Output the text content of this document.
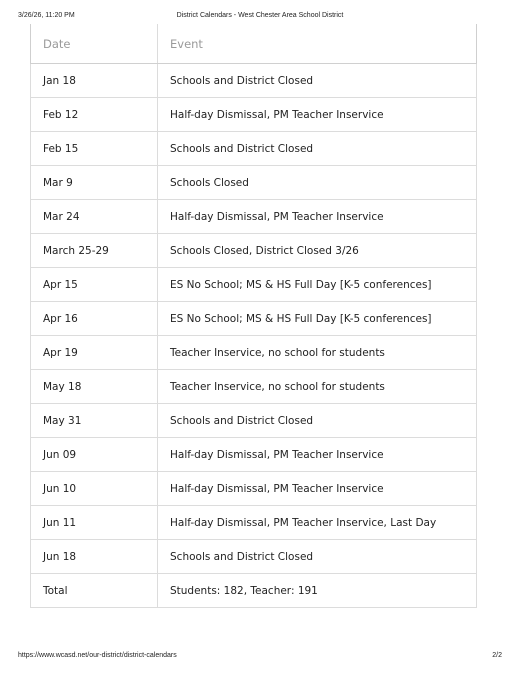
3/26/26, 11:20 PM	District Calendars - West Chester Area School District
Date	Event
Jan 18	Schools and District Closed
Feb 12	Half-day Dismissal, PM Teacher Inservice
Feb 15	Schools and District Closed
Mar 9	Schools Closed
Mar 24	Half-day Dismissal, PM Teacher Inservice
March 25-29	Schools Closed, District Closed 3/26
Apr 15	ES No School; MS & HS Full Day [K-5 conferences]
Apr 16	ES No School; MS & HS Full Day [K-5 conferences]
Apr 19	Teacher Inservice, no school for students
May 18	Teacher Inservice, no school for students
May 31	Schools and District Closed
Jun 09	Half-day Dismissal, PM Teacher Inservice
Jun 10	Half-day Dismissal, PM Teacher Inservice
Jun 11	Half-day Dismissal, PM Teacher Inservice, Last Day
Jun 18	Schools and District Closed
Total	Students: 182, Teacher: 191
https://www.wcasd.net/our-district/district-calendars	2/2
